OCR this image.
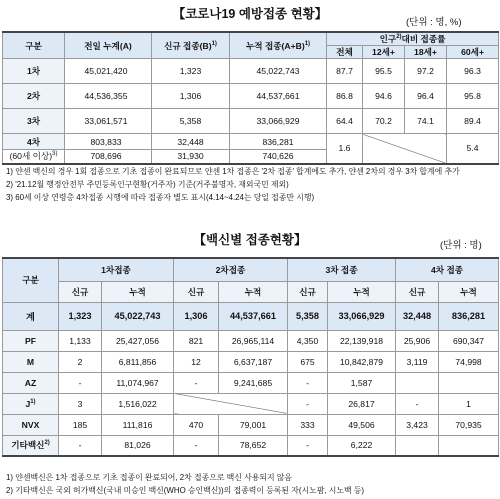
【코로나19 예방접종 현황】
(단위 : 명, %)
구분	전일 누계(A)	신규 접종$(B)^{1)}$	누적 접종$(A+B)^{1)}$	인구$^{2)}$대비 접종률			
				전체	12세+	18세+	60세+
1차	45,021,420	1,323	45,022,743	87.7	95.5	97.2	96.3
2차	44,536,355	1,306	44,537,661	86.8	94.6	96.4	95.8
3차	33,061,571	5,358	33,066,929	64.4	70.2	74.1	89.4
4차	803,833	32,448	836,281	1.6			5.4
(60세 이상)$^{3)}$	708,696	31,930	740,626				
1) 얀센 백신의 경우 1회 접종으로 기초 접종이 완료되므로 얀센 1차 접종은 '2차 접종' 합계에도 추가, 얀센 2차의 경우 3차 합계에 추가
2) '21.12월 행정안전부 주민등록인구현황(거주자) 기준(거주불명자, 재외국민 제외)
3) 60세 이상 연령층 4차접종 시행에 따라 접종자 별도 표시(4.14~4.24는 당일 접종만 시행)
【백신별 접종현황】	(단위 : 명)
구분	1차접종		2차접종		3차 접종		4차 접종	
	신규	누적	신규	누적	신규	누적	신규	누적
계	1,323	45,022,743	1,306	44,537,661	5,358	33,066,929	32,448	836,281
PF	1,133	25,427,056	821	26,965,114	4,350	22,139,918	25,906	690,347
M	2	6,811,856	12	6,637,187	675	10,842,879	3,119	74,998
AZ	-	11,074,967	-	9,241,685	-	1,587		
$J^{1)}$	3	1,516,022			-	26,817	-	1
NVX	185	111,816	470	79,001	333	49,506	3,423	70,935
기타백신$^{2)}$	-	81,026	-	78,652	-	6,222		
1) 얀센백신은 1차 접종으로 기초 접종이 완료되어, 2차 접종으로 백신 사용되지 않음
2) 기타백신은 국외 허가백신(국내 미승인 백신(WHO 승인백신))의 접종력이 등록된 자(시노팜, 시노백 등)
